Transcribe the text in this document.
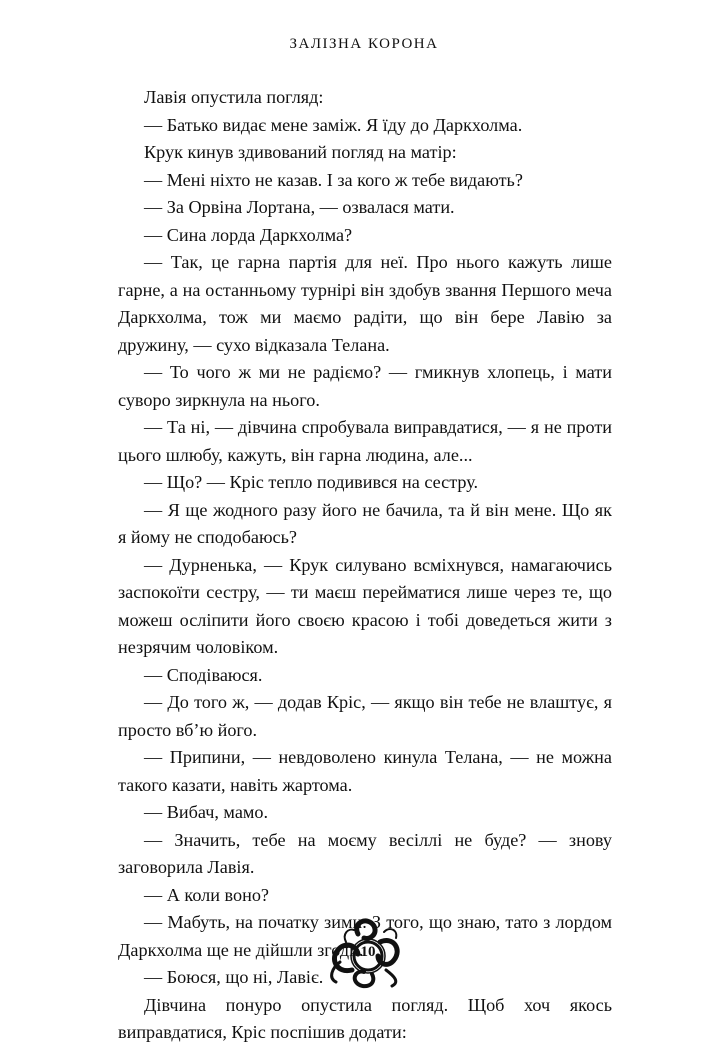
ЗАЛІЗНА КОРОНА

Лавія опустила погляд:

— Батько видає мене заміж. Я їду до Даркхолма.

Крук кинув здивований погляд на матір:

— Мені ніхто не казав. І за кого ж тебе видають?

— За Орвіна Лортана, — озвалася мати.

— Сина лорда Даркхолма?

— Так, це гарна партія для неї. Про нього кажуть лише гарне, а на останньому турнірі він здобув звання Першого меча Даркхолма, тож ми маємо радіти, що він бере Лавію за дружину, — сухо відказала Телана.

— То чого ж ми не радіємо? — гмикнув хлопець, і мати суворо зиркнула на нього.

— Та ні, — дівчина спробувала виправдатися, — я не проти цього шлюбу, кажуть, він гарна людина, але...

— Що? — Кріс тепло подивився на сестру.

— Я ще жодного разу його не бачила, та й він мене. Що як я йому не сподобаюсь?

— Дурненька, — Крук силувано всміхнувся, намагаючись заспокоїти сестру, — ти маєш перейматися лише через те, що можеш осліпити його своєю красою і тобі доведеться жити з незрячим чоловіком.

— Сподіваюся.

— До того ж, — додав Кріс, — якщо він тебе не влаштує, я просто вб’ю його.

— Припини, — невдоволено кинула Телана, — не можна такого казати, навіть жартома.

— Вибач, мамо.

— Значить, тебе на моєму весіллі не буде? — знову заговорила Лавія.

— А коли воно?

— Мабуть, на початку зими. З того, що знаю, тато з лордом Даркхолма ще не дійшли згоди.

— Боюся, що ні, Лавіє.

Дівчина понуро опустила погляд. Щоб хоч якось виправдатися, Кріс поспішив додати:

10
